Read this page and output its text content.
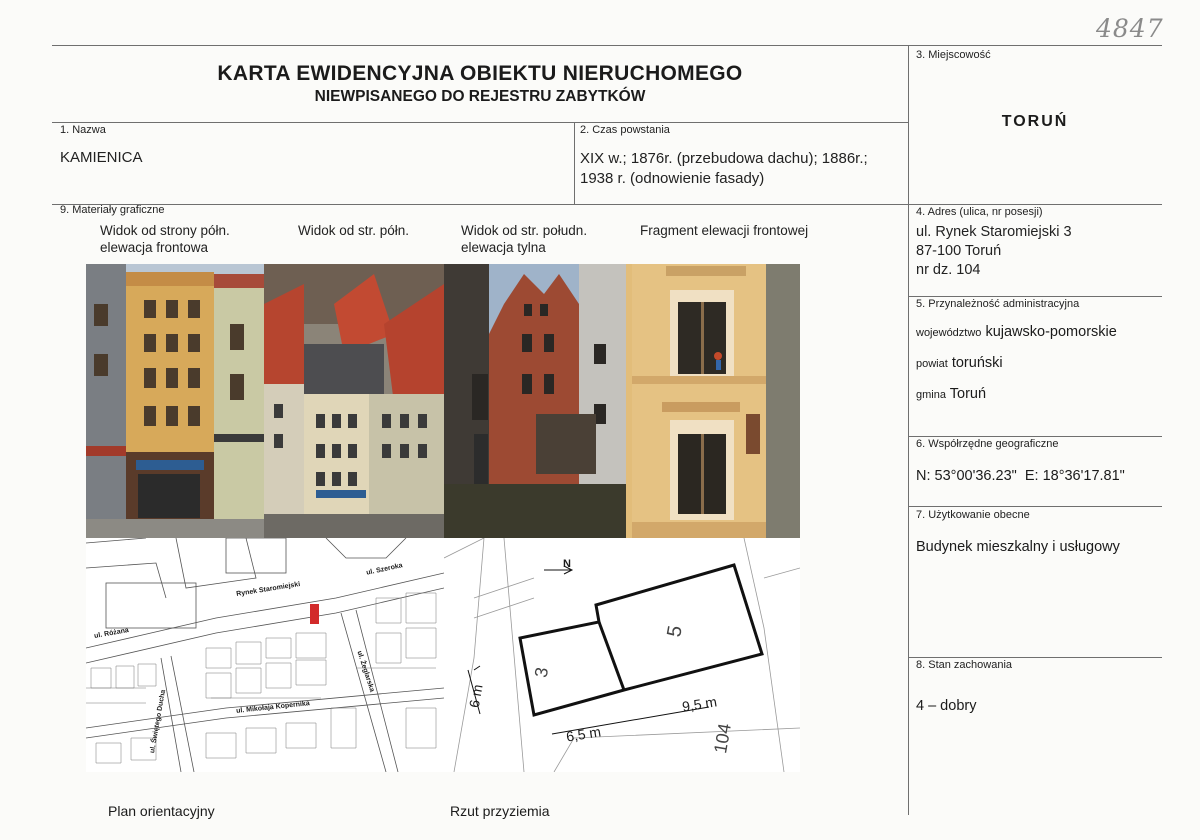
4847
KARTA EWIDENCYJNA OBIEKTU NIERUCHOMEGO
NIEWPISANEGO DO REJESTRU ZABYTKÓW
3. Miejscowość
TORUŃ
1. Nazwa
KAMIENICA
2. Czas powstania
XIX w.; 1876r. (przebudowa dachu); 1886r.;
1938 r. (odnowienie fasady)
9. Materiały graficzne
Widok od strony półn.
elewacja frontowa
Widok od str. półn.	Widok od str. połudn.
elewacja tylna
Fragment elewacji frontowej
Rynek Staromiejski
ul. Szeroka
ul. Różana
ul. Świętego Ducha	ul. Mikołaja Kopernika
ul. Żeglarska
N
6 m
6,5 m
9,5 m
3
5
104
4. Adres (ulica, nr posesji)
ul. Rynek Staromiejski 3
87-100 Toruń
nr dz. 104
5. Przynależność administracyjna
województwo kujawsko-pomorskie
powiat toruński
gmina Toruń
6. Współrzędne geograficzne
N: 53°00'36.23"  E: 18°36'17.81"
7. Użytkowanie obecne
Budynek mieszkalny i usługowy
8. Stan zachowania
4 – dobry
Plan orientacyjny	Rzut przyziemia
